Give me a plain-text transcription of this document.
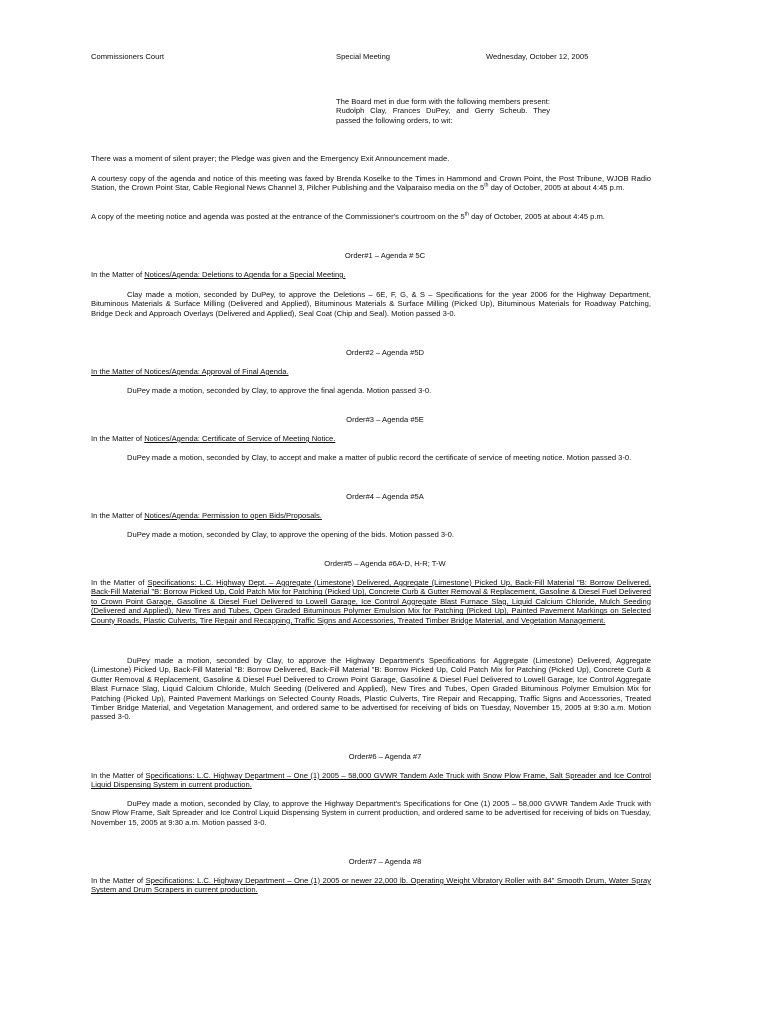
Commissioners Court	Special Meeting	Wednesday, October 12, 2005
The Board met in due form with the following members present: Rudolph Clay, Frances DuPey, and Gerry Scheub. They passed the following orders, to wit:
There was a moment of silent prayer; the Pledge was given and the Emergency Exit Announcement made.
A courtesy copy of the agenda and notice of this meeting was faxed by Brenda Koselke to the Times in Hammond and Crown Point, the Post Tribune, WJOB Radio Station, the Crown Point Star, Cable Regional News Channel 3, Pilcher Publishing and the Valparaiso media on the 5th day of October, 2005 at about 4:45 p.m.
A copy of the meeting notice and agenda was posted at the entrance of the Commissioner's courtroom on the 5th day of October, 2005 at about 4:45 p.m.
Order#1 – Agenda # 5C
In the Matter of Notices/Agenda: Deletions to Agenda for a Special Meeting.
Clay made a motion, seconded by DuPey, to approve the Deletions – 6E, F, G, & S – Specifications for the year 2006 for the Highway Department, Bituminous Materials & Surface Milling (Delivered and Applied), Bituminous Materials & Surface Milling (Picked Up), Bituminous Materials for Roadway Patching, Bridge Deck and Approach Overlays (Delivered and Applied), Seal Coat (Chip and Seal). Motion passed 3-0.
Order#2 – Agenda #5D
In the Matter of Notices/Agenda: Approval of Final Agenda.
DuPey made a motion, seconded by Clay, to approve the final agenda. Motion passed 3-0.
Order#3 – Agenda #5E
In the Matter of Notices/Agenda: Certificate of Service of Meeting Notice.
DuPey made a motion, seconded by Clay, to accept and make a matter of public record the certificate of service of meeting notice. Motion passed 3-0.
Order#4 – Agenda #5A
In the Matter of Notices/Agenda: Permission to open Bids/Proposals.
DuPey made a motion, seconded by Clay, to approve the opening of the bids. Motion passed 3-0.
Order#5 – Agenda #6A-D, H-R; T-W
In the Matter of Specifications: L.C. Highway Dept. – Aggregate (Limestone) Delivered, Aggregate (Limestone) Picked Up, Back-Fill Material "B: Borrow Delivered, Back-Fill Material "B: Borrow Picked Up, Cold Patch Mix for Patching (Picked Up), Concrete Curb & Gutter Removal & Replacement, Gasoline & Diesel Fuel Delivered to Crown Point Garage, Gasoline & Diesel Fuel Delivered to Lowell Garage, Ice Control Aggregate Blast Furnace Slag, Liquid Calcium Chloride, Mulch Seeding (Delivered and Applied), New Tires and Tubes, Open Graded Bituminous Polymer Emulsion Mix for Patching (Picked Up), Painted Pavement Markings on Selected County Roads, Plastic Culverts, Tire Repair and Recapping, Traffic Signs and Accessories, Treated Timber Bridge Material, and Vegetation Management.
DuPey made a motion, seconded by Clay, to approve the Highway Department's Specifications for Aggregate (Limestone) Delivered, Aggregate (Limestone) Picked Up, Back-Fill Material "B: Borrow Delivered, Back-Fill Material "B: Borrow Picked Up, Cold Patch Mix for Patching (Picked Up), Concrete Curb & Gutter Removal & Replacement, Gasoline & Diesel Fuel Delivered to Crown Point Garage, Gasoline & Diesel Fuel Delivered to Lowell Garage, Ice Control Aggregate Blast Furnace Slag, Liquid Calcium Chloride, Mulch Seeding (Delivered and Applied), New Tires and Tubes, Open Graded Bituminous Polymer Emulsion Mix for Patching (Picked Up), Painted Pavement Markings on Selected County Roads, Plastic Culverts, Tire Repair and Recapping, Traffic Signs and Accessories, Treated Timber Bridge Material, and Vegetation Management, and ordered same to be advertised for receiving of bids on Tuesday, November 15, 2005 at 9:30 a.m. Motion passed 3-0.
Order#6 – Agenda #7
In the Matter of Specifications: L.C. Highway Department – One (1) 2005 – 58,000 GVWR Tandem Axle Truck with Snow Plow Frame, Salt Spreader and Ice Control Liquid Dispensing System in current production.
DuPey made a motion, seconded by Clay, to approve the Highway Department's Specifications for One (1) 2005 – 58,000 GVWR Tandem Axle Truck with Snow Plow Frame, Salt Spreader and Ice Control Liquid Dispensing System in current production, and ordered same to be advertised for receiving of bids on Tuesday, November 15, 2005 at 9:30 a.m. Motion passed 3-0.
Order#7 – Agenda #8
In the Matter of Specifications: L.C. Highway Department – One (1) 2005 or newer 22,000 lb. Operating Weight Vibratory Roller with 84" Smooth Drum, Water Spray System and Drum Scrapers in current production.
